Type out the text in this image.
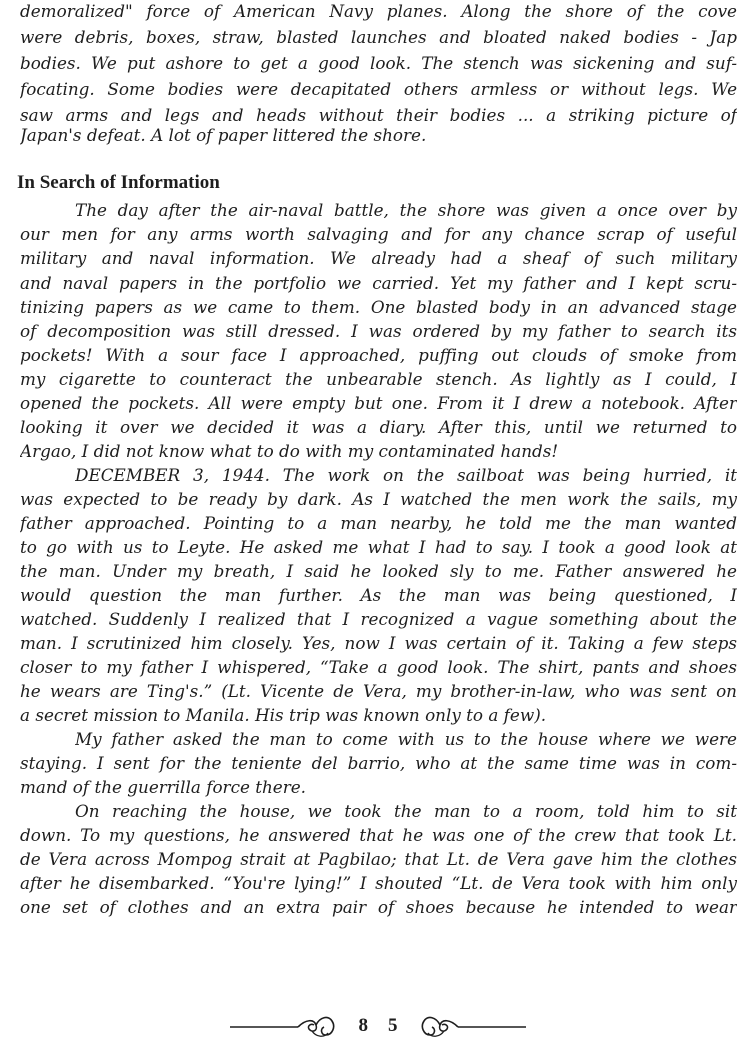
demoralized" force of American Navy planes. Along the shore of the cove
were debris, boxes, straw, blasted launches and bloated naked bodies - Jap
bodies. We put ashore to get a good look. The stench was sickening and suf-
focating. Some bodies were decapitated others armless or without legs. We
saw arms and legs and heads without their bodies ... a striking picture of
Japan's defeat. A lot of paper littered the shore.
In Search of Information
The day after the air-naval battle, the shore was given a once over by
our men for any arms worth salvaging and for any chance scrap of useful
military and naval information. We already had a sheaf of such military
and naval papers in the portfolio we carried. Yet my father and I kept scru-
tinizing papers as we came to them. One blasted body in an advanced stage
of decomposition was still dressed. I was ordered by my father to search its
pockets! With a sour face I approached, puffing out clouds of smoke from
my cigarette to counteract the unbearable stench. As lightly as I could, I
opened the pockets. All were empty but one. From it I drew a notebook. After
looking it over we decided it was a diary. After this, until we returned to
Argao, I did not know what to do with my contaminated hands!
DECEMBER 3, 1944. The work on the sailboat was being hurried, it
was expected to be ready by dark. As I watched the men work the sails, my
father approached. Pointing to a man nearby, he told me the man wanted
to go with us to Leyte. He asked me what I had to say. I took a good look at
the man. Under my breath, I said he looked sly to me. Father answered he
would question the man further. As the man was being questioned, I
watched. Suddenly I realized that I recognized a vague something about the
man. I scrutinized him closely. Yes, now I was certain of it. Taking a few steps
closer to my father I whispered, “Take a good look. The shirt, pants and shoes
he wears are Ting's.” (Lt. Vicente de Vera, my brother-in-law, who was sent on
a secret mission to Manila. His trip was known only to a few).
My father asked the man to come with us to the house where we were
staying. I sent for the teniente del barrio, who at the same time was in com-
mand of the guerrilla force there.
On reaching the house, we took the man to a room, told him to sit
down. To my questions, he answered that he was one of the crew that took Lt.
de Vera across Mompog strait at Pagbilao; that Lt. de Vera gave him the clothes
after he disembarked. “You're lying!” I shouted “Lt. de Vera took with him only
one set of clothes and an extra pair of shoes because he intended to wear
85
